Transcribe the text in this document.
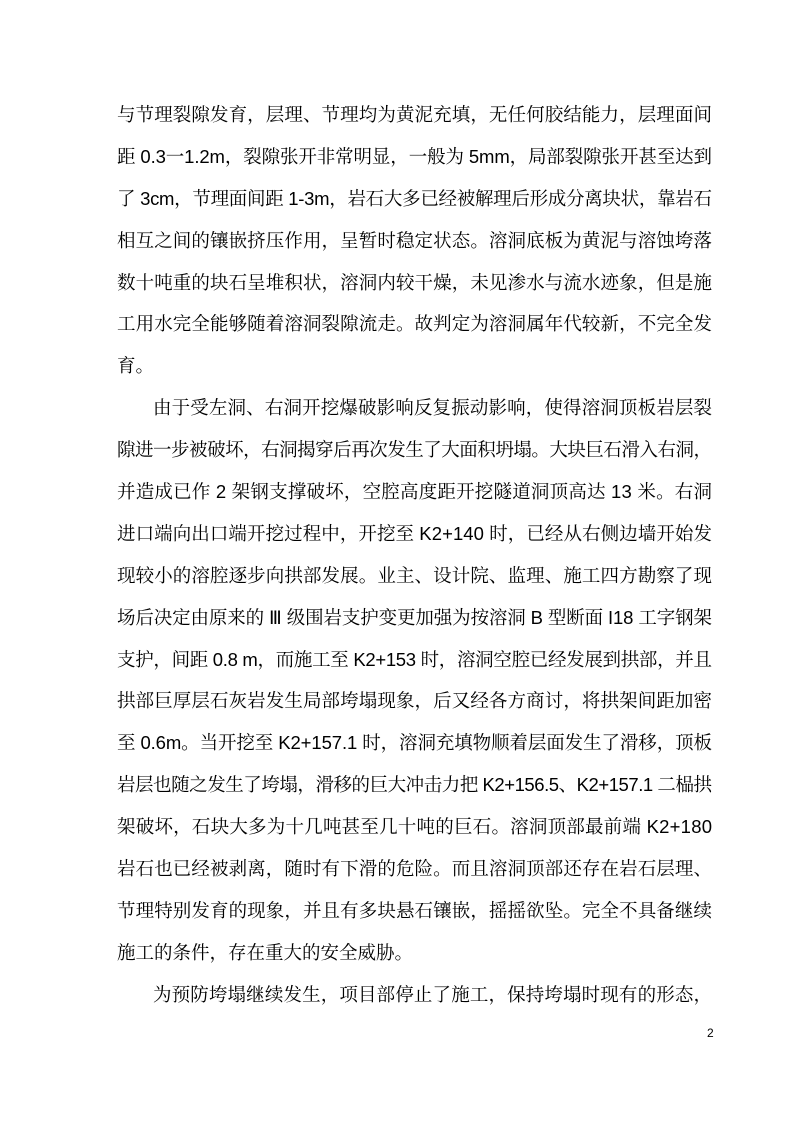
与节理裂隙发育，层理、节理均为黄泥充填，无任何胶结能力，层理面间
距 0.3一1.2m，裂隙张开非常明显，一般为 5mm，局部裂隙张开甚至达到
了 3cm，节理面间距 1-3m，岩石大多已经被解理后形成分离块状，靠岩石
相互之间的镶嵌挤压作用，呈暂时稳定状态。溶洞底板为黄泥与溶蚀垮落
数十吨重的块石呈堆积状，溶洞内较干燥，未见渗水与流水迹象，但是施
工用水完全能够随着溶洞裂隙流走。故判定为溶洞属年代较新，不完全发
育。
由于受左洞、右洞开挖爆破影响反复振动影响，使得溶洞顶板岩层裂
隙进一步被破坏，右洞揭穿后再次发生了大面积坍塌。大块巨石滑入右洞，
并造成已作 2 架钢支撑破坏，空腔高度距开挖隧道洞顶高达 13 米。右洞
进口端向出口端开挖过程中，开挖至 K2+140 时，已经从右侧边墙开始发
现较小的溶腔逐步向拱部发展。业主、设计院、监理、施工四方勘察了现
场后决定由原来的 Ⅲ 级围岩支护变更加强为按溶洞 B 型断面 I18 工字钢架
支护，间距 0.8 m，而施工至 K2+153 时，溶洞空腔已经发展到拱部，并且
拱部巨厚层石灰岩发生局部垮塌现象，后又经各方商讨，将拱架间距加密
至 0.6m。当开挖至 K2+157.1 时，溶洞充填物顺着层面发生了滑移，顶板
岩层也随之发生了垮塌，滑移的巨大冲击力把 K2+156.5、K2+157.1 二榀拱
架破坏，石块大多为十几吨甚至几十吨的巨石。溶洞顶部最前端 K2+180
岩石也已经被剥离，随时有下滑的危险。而且溶洞顶部还存在岩石层理、
节理特别发育的现象，并且有多块悬石镶嵌，摇摇欲坠。完全不具备继续
施工的条件，存在重大的安全威胁。
为预防垮塌继续发生，项目部停止了施工，保持垮塌时现有的形态，
2
